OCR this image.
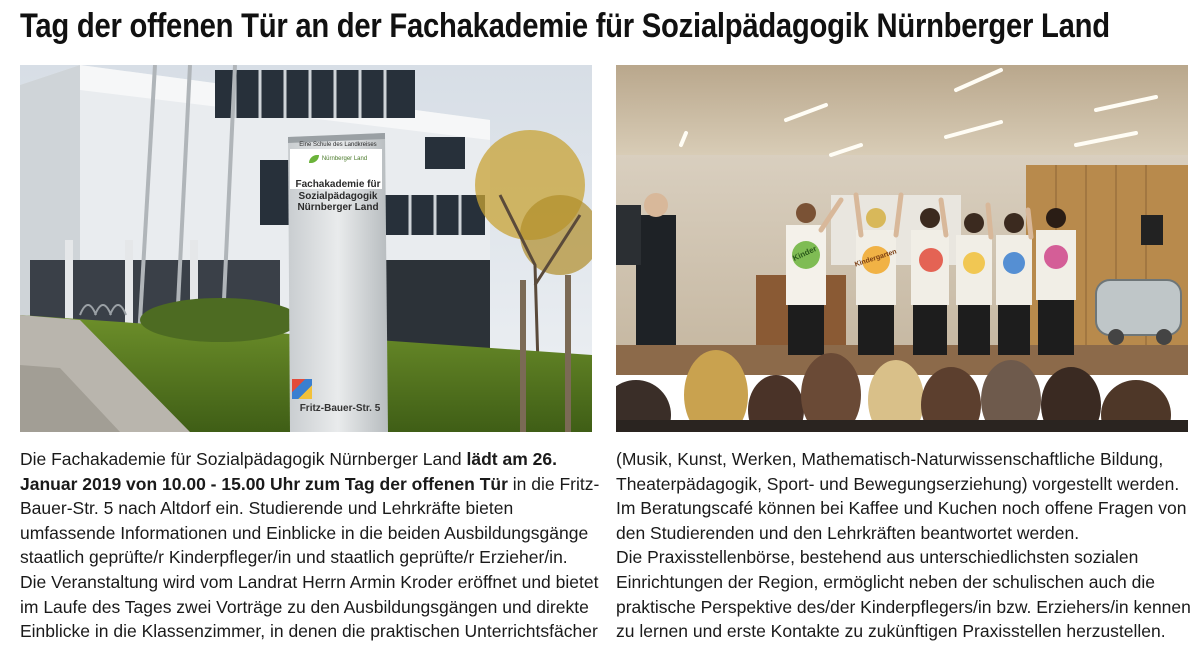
Tag der offenen Tür an der Fachakademie für Sozialpädagogik Nürnberger Land
Eine Schule des Landkreises
Nürnberger Land
Fachakademie für
Sozialpädagogik
Nürnberger Land
Fritz-Bauer-Str. 5
Kinder	Kindergarten

Die Fachakademie für Sozialpädagogik Nürnberger Land lädt am 26. Januar 2019 von 10.00 - 15.00 Uhr zum Tag der offenen Tür in die Fritz-Bauer-Str. 5 nach Altdorf ein. Studierende und Lehrkräfte bieten umfassende Informationen und Einblicke in die beiden Ausbildungsgänge staatlich geprüfte/r Kinderpfleger/in und staatlich geprüfte/r Erzieher/in.

Die Veranstaltung wird vom Landrat Herrn Armin Kroder eröffnet und bietet im Laufe des Tages zwei Vorträge zu den Ausbildungsgängen und direkte Einblicke in die Klassenzimmer, in denen die praktischen Unterrichtsfächer

(Musik, Kunst, Werken, Mathematisch-Naturwissenschaftliche Bildung, Theaterpädagogik, Sport- und Bewegungserziehung) vorgestellt werden. Im Beratungscafé können bei Kaffee und Kuchen noch offene Fragen von den Studierenden und den Lehrkräften beantwortet werden.

Die Praxisstellenbörse, bestehend aus unterschiedlichsten sozialen Einrichtungen der Region, ermöglicht neben der schulischen auch die praktische Perspektive des/der Kinderpflegers/in bzw. Erziehers/in kennen zu lernen und erste Kontakte zu zukünftigen Praxisstellen herzustellen.
